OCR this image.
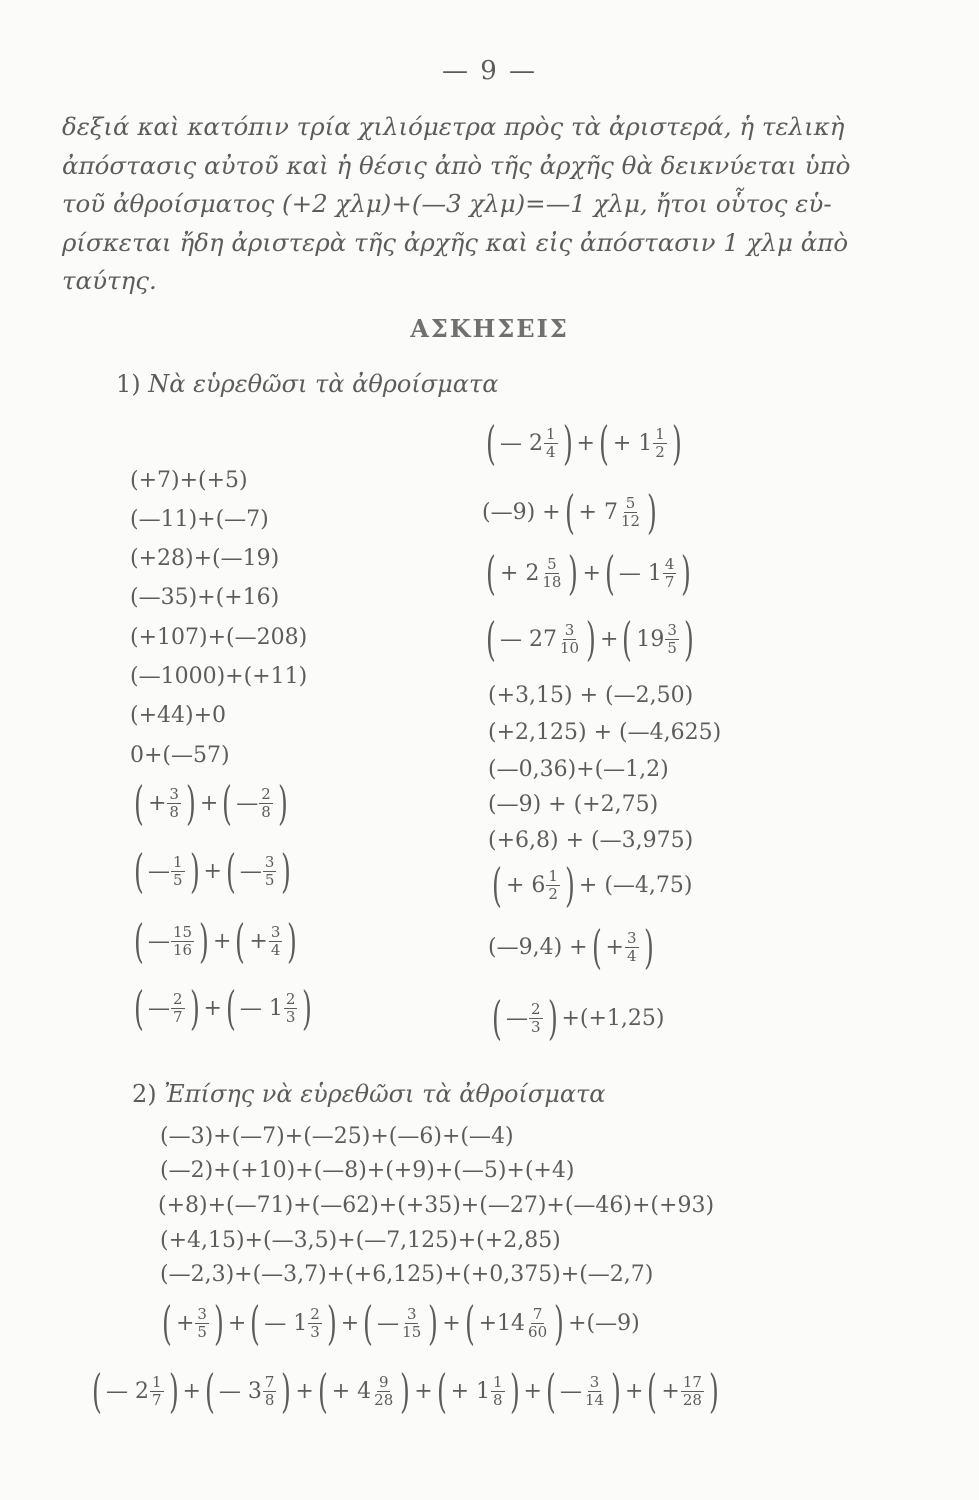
— 9 —
δεξιά καὶ κατόπιν τρία χιλιόμετρα πρὸς τὰ ἀριστερά, ἡ τελικὴ
ἀπόστασις αὐτοῦ καὶ ἡ θέσις ἀπὸ τῆς ἀρχῆς θὰ δεικνύεται ὑπὸ
τοῦ ἀθροίσματος (+2 χλμ)+(—3 χλμ)=—1 χλμ, ἤτοι οὗτος εὑ-
ρίσκεται ἤδη ἀριστερὰ τῆς ἀρχῆς καὶ εἰς ἀπόστασιν 1 χλμ ἀπὸ
ταύτης.
ΑΣΚΗΣΕΙΣ
1) Νὰ εὑρεθῶσι τὰ ἀθροίσματα
2) Ἐπίσης νὰ εὑρεθῶσι τὰ ἀθροίσματα
(+7)+(+5)
(—11)+(—7)
(+28)+(—19)
(—35)+(+16)
(+107)+(—208)
(—1000)+(+11)
(+44)+0
0+(—57)
( + $\frac{3}{8}$ ) + ( — $\frac{2}{8}$ )
( — $\frac{1}{5}$ ) + ( — $\frac{3}{5}$ )
( — $\frac{15}{16}$ ) + ( + $\frac{3}{4}$ )
( — $\frac{2}{7}$ ) + ( — $1 \frac{2}{3}$ )
( — $2 \frac{1}{4}$ ) + ( + $1 \frac{1}{2}$ )
(—9) + ( + $7 \frac{5}{12}$ )
( + $2 \frac{5}{18}$ ) + ( — $1 \frac{4}{7}$ )
( — $27 \frac{3}{10}$ ) + ( $19 \frac{3}{5}$ )
(+3,15) + (—2,50)
(+2,125) + (—4,625)
(—0,36)+(—1,2)
(—9) + (+2,75)
(+6,8) + (—3,975)
( + $6 \frac{1}{2}$ ) + (—4,75)
(—9,4) + ( + $\frac{3}{4}$ )
( — $\frac{2}{3}$ ) +(+1,25)
(—3)+(—7)+(—25)+(—6)+(—4)
(—2)+(+10)+(—8)+(+9)+(—5)+(+4)
(+8)+(—71)+(—62)+(+35)+(—27)+(—46)+(+93)
(+4,15)+(—3,5)+(—7,125)+(+2,85)
(—2,3)+(—3,7)+(+6,125)+(+0,375)+(—2,7)
( + $\frac{3}{5}$ ) + ( — $1 \frac{2}{3}$ ) + ( — $\frac{3}{15}$ ) + ( $+14 \frac{7}{60}$ ) +(—9)
( — $2 \frac{1}{7}$ ) + ( — $3 \frac{7}{8}$ ) + ( + $4 \frac{9}{28}$ ) + ( + $1 \frac{1}{8}$ ) + ( — $\frac{3}{14}$ ) + ( + $\frac{17}{28}$ )
